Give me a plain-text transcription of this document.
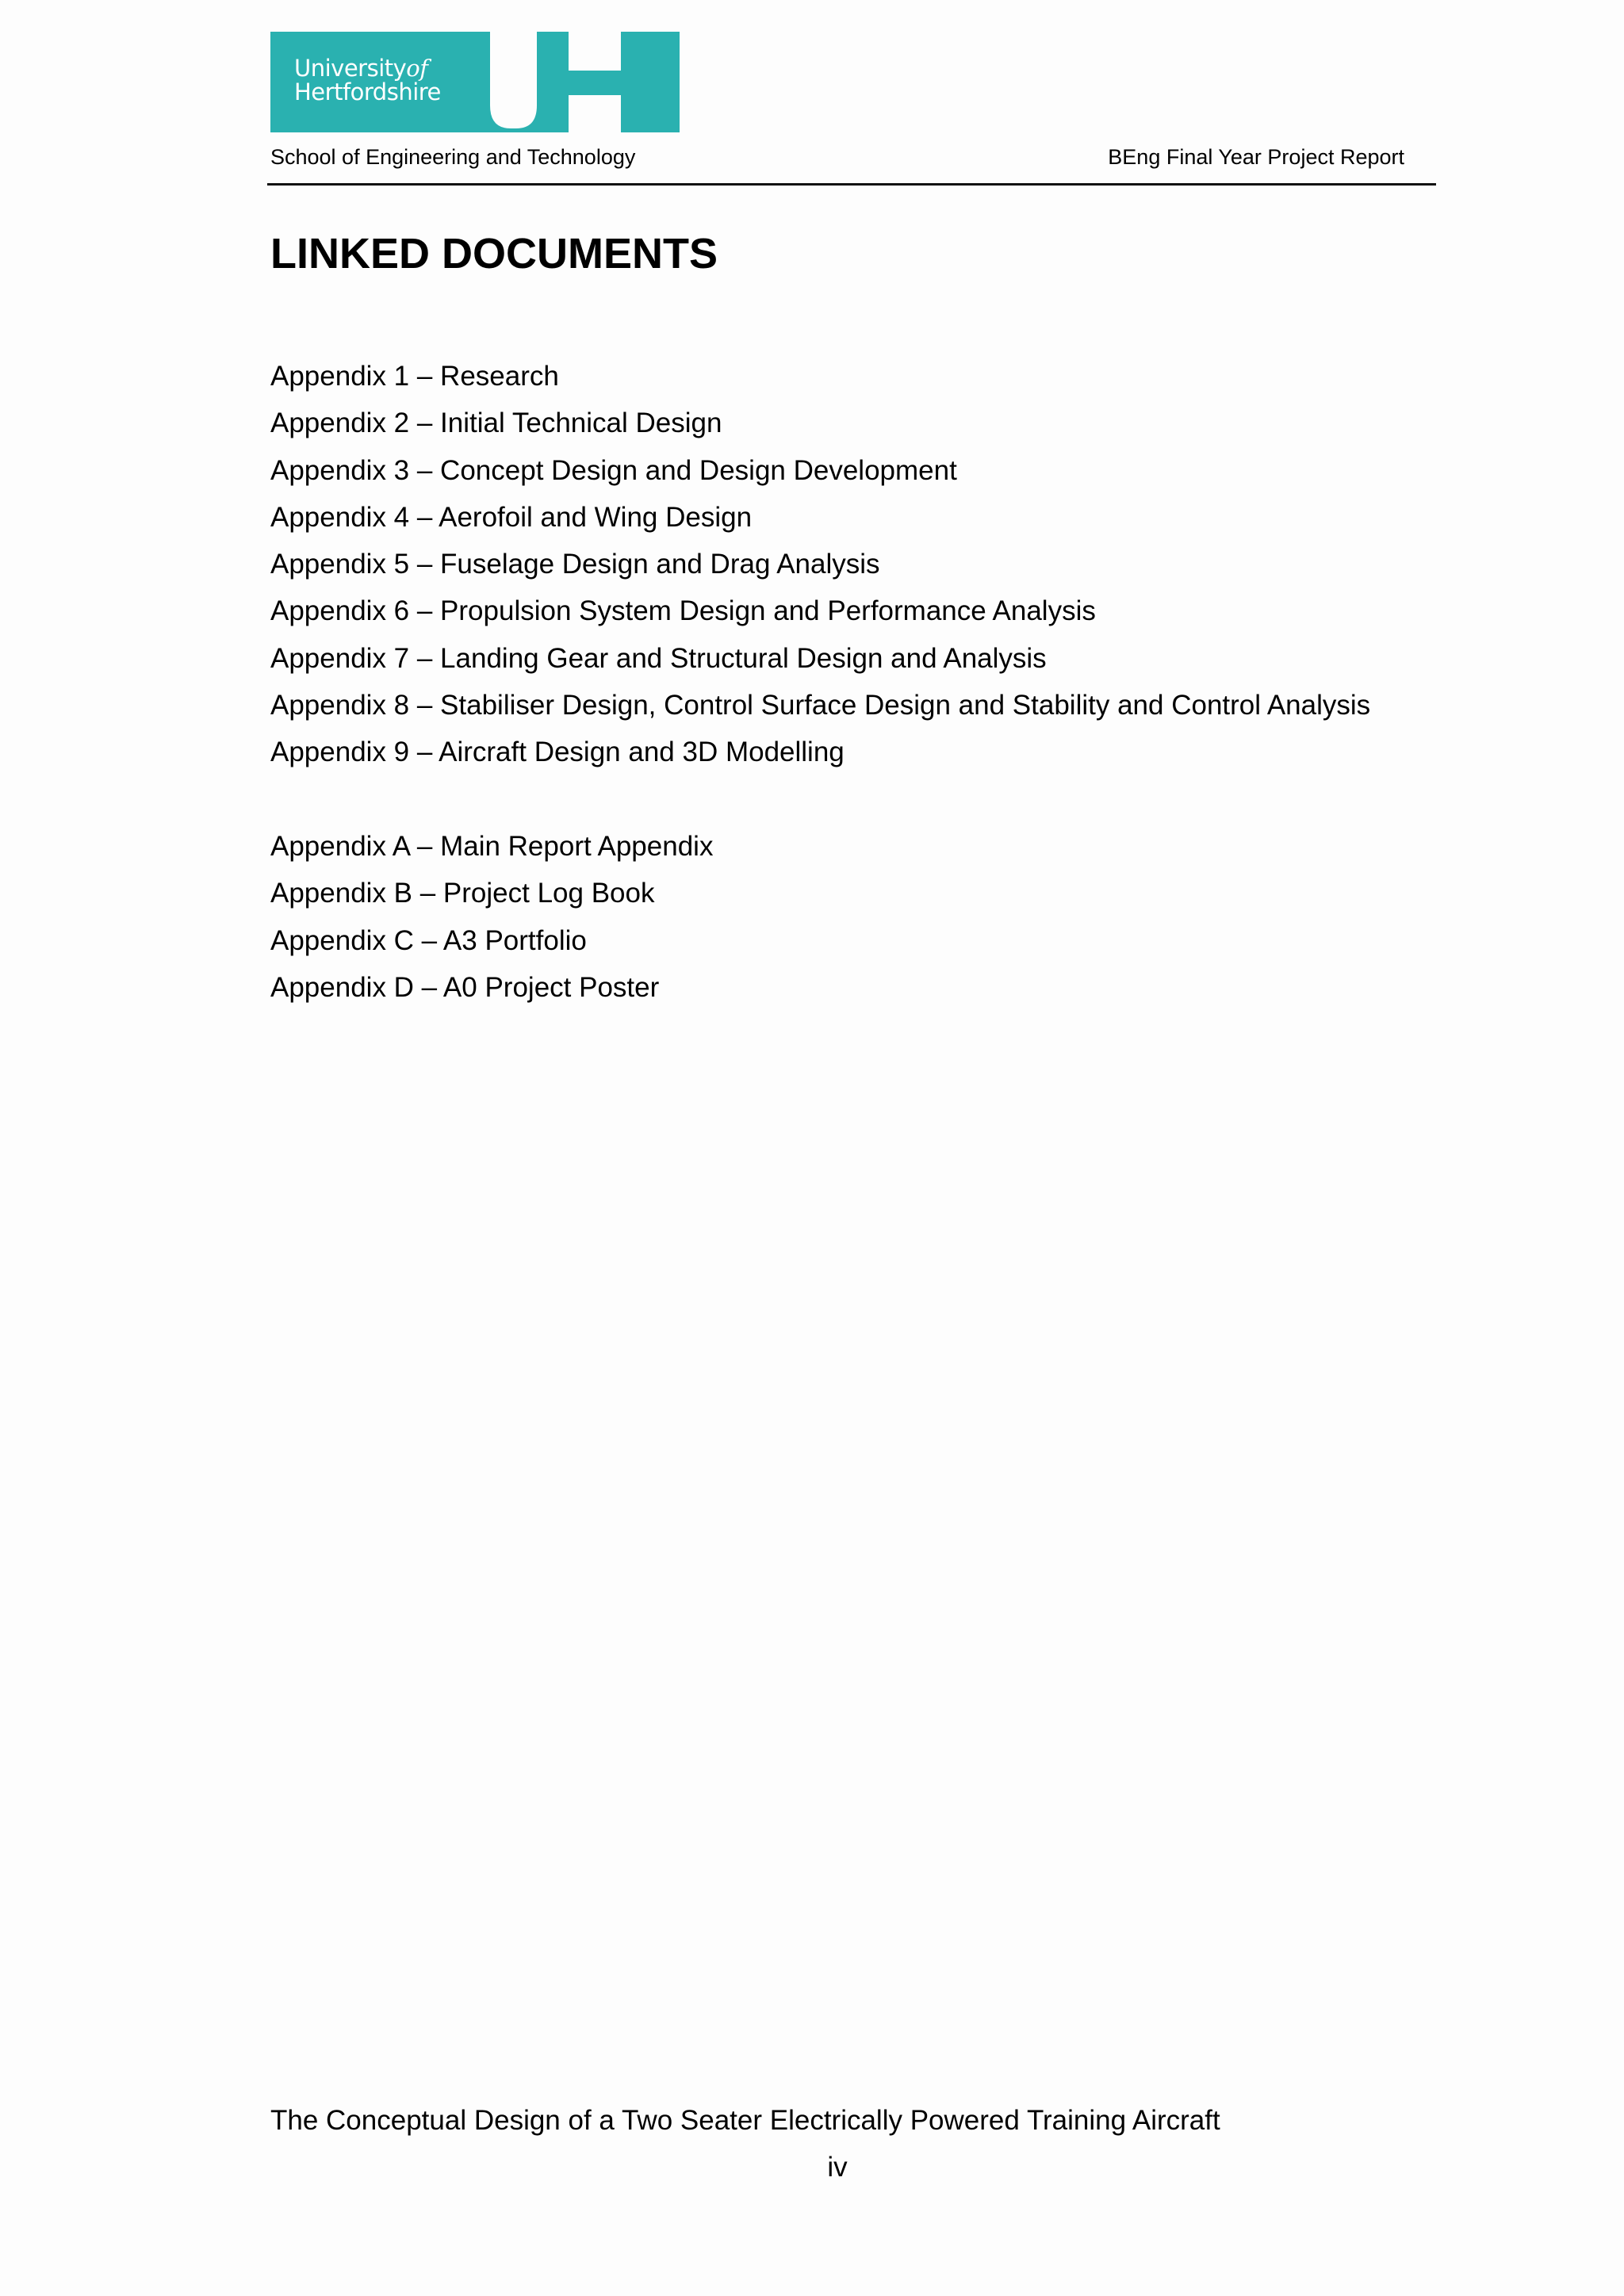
Universityof
Hertfordshire
School of Engineering and Technology	BEng Final Year Project Report
LINKED DOCUMENTS
Appendix 1 – Research
Appendix 2 – Initial Technical Design
Appendix 3 – Concept Design and Design Development
Appendix 4 – Aerofoil and Wing Design
Appendix 5 – Fuselage Design and Drag Analysis
Appendix 6 – Propulsion System Design and Performance Analysis
Appendix 7 – Landing Gear and Structural Design and Analysis
Appendix 8 – Stabiliser Design, Control Surface Design and Stability and Control Analysis
Appendix 9 – Aircraft Design and 3D Modelling
Appendix A – Main Report Appendix
Appendix B – Project Log Book
Appendix C – A3 Portfolio
Appendix D – A0 Project Poster
The Conceptual Design of a Two Seater Electrically Powered Training Aircraft
iv
